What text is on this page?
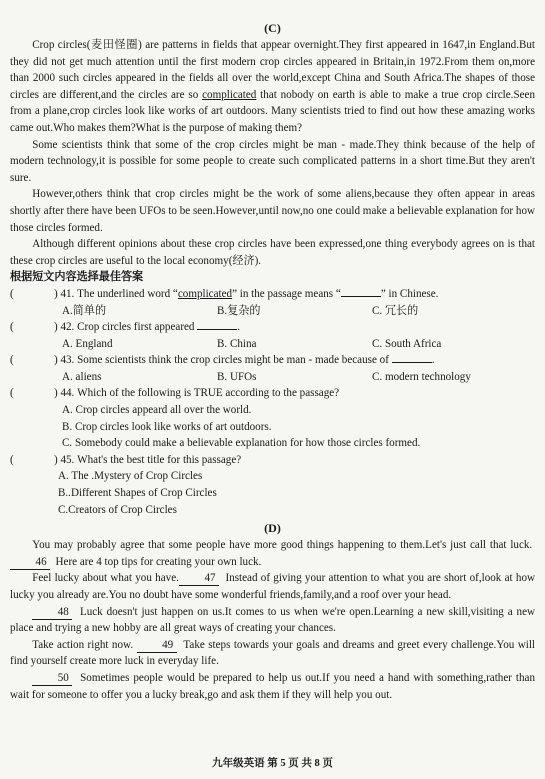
(C)

Crop circles(麦田怪圈) are patterns in fields that appear overnight.They first appeared in 1647,in England.But they did not get much attention until the first modern crop circles appeared in Britain,in 1972.From them on,more than 2000 such circles appeared in the fields all over the world,except China and South Africa.The shapes of those circles are different,and the circles are so complicated that nobody on earth is able to make a true crop circle.Seen from a plane,crop circles look like works of art outdoors. Many scientists tried to find out how these amazing works came out.Who makes them?What is the purpose of making them?

Some scientists think that some of the crop circles might be man - made.They think because of the help of modern technology,it is possible for some people to create such complicated patterns in a short time.But they aren't sure.

However,others think that crop circles might be the work of some aliens,because they often appear in areas shortly after there have been UFOs to be seen.However,until now,no one could make a believable explanation for how those circles formed.

Although different opinions about these crop circles have been expressed,one thing everybody agrees on is that these crop circles are useful to the local economy(经济).

根据短文内容选择最佳答案
(	) 41.
The underlined word “ complicated ” in the passage means “	” in Chinese.
A.简单的	B.复杂的	C. 冗长的
(	) 42.
Crop circles first appeared
	.
A. England	B. China	C. South Africa
(	) 43.
Some scientists think the crop circles might be man - made because of
	.
A. aliens	B. UFOs	C. modern technology
(	) 44.
Which of the following is TRUE according to the passage?
A. Crop circles appeard all over the world.
B. Crop circles look like works of art outdoors.
C. Somebody could make a believable explanation for how those circles formed.
(	) 45.
What's the best title for this passage?
A. The .Mystery of Crop Circles
B..Different Shapes of Crop Circles
C.Creators of Crop Circles
(D)

You may probably agree that some people have more good things happening to them.Let's just call that luck. 46 Here are 4 top tips for creating your own luck.

Feel lucky about what you have. 47 Instead of giving your attention to what you are short of,look at how lucky you already are.You no doubt have some wonderful friends,family,and a roof over your head.

48 Luck doesn't just happen on us.It comes to us when we're open.Learning a new skill,visiting a new place and trying a new hobby are all great ways of creating your chances.

Take action right now.	49 Take steps towards your goals and dreams and greet every challenge.You will find yourself create more luck in everyday life.

50 Sometimes people would be prepared to help us out.If you need a hand with something,rather than wait for someone to offer you a lucky break,go and ask them if they will help you out.

九年级英语 第 5 页 共 8 页
